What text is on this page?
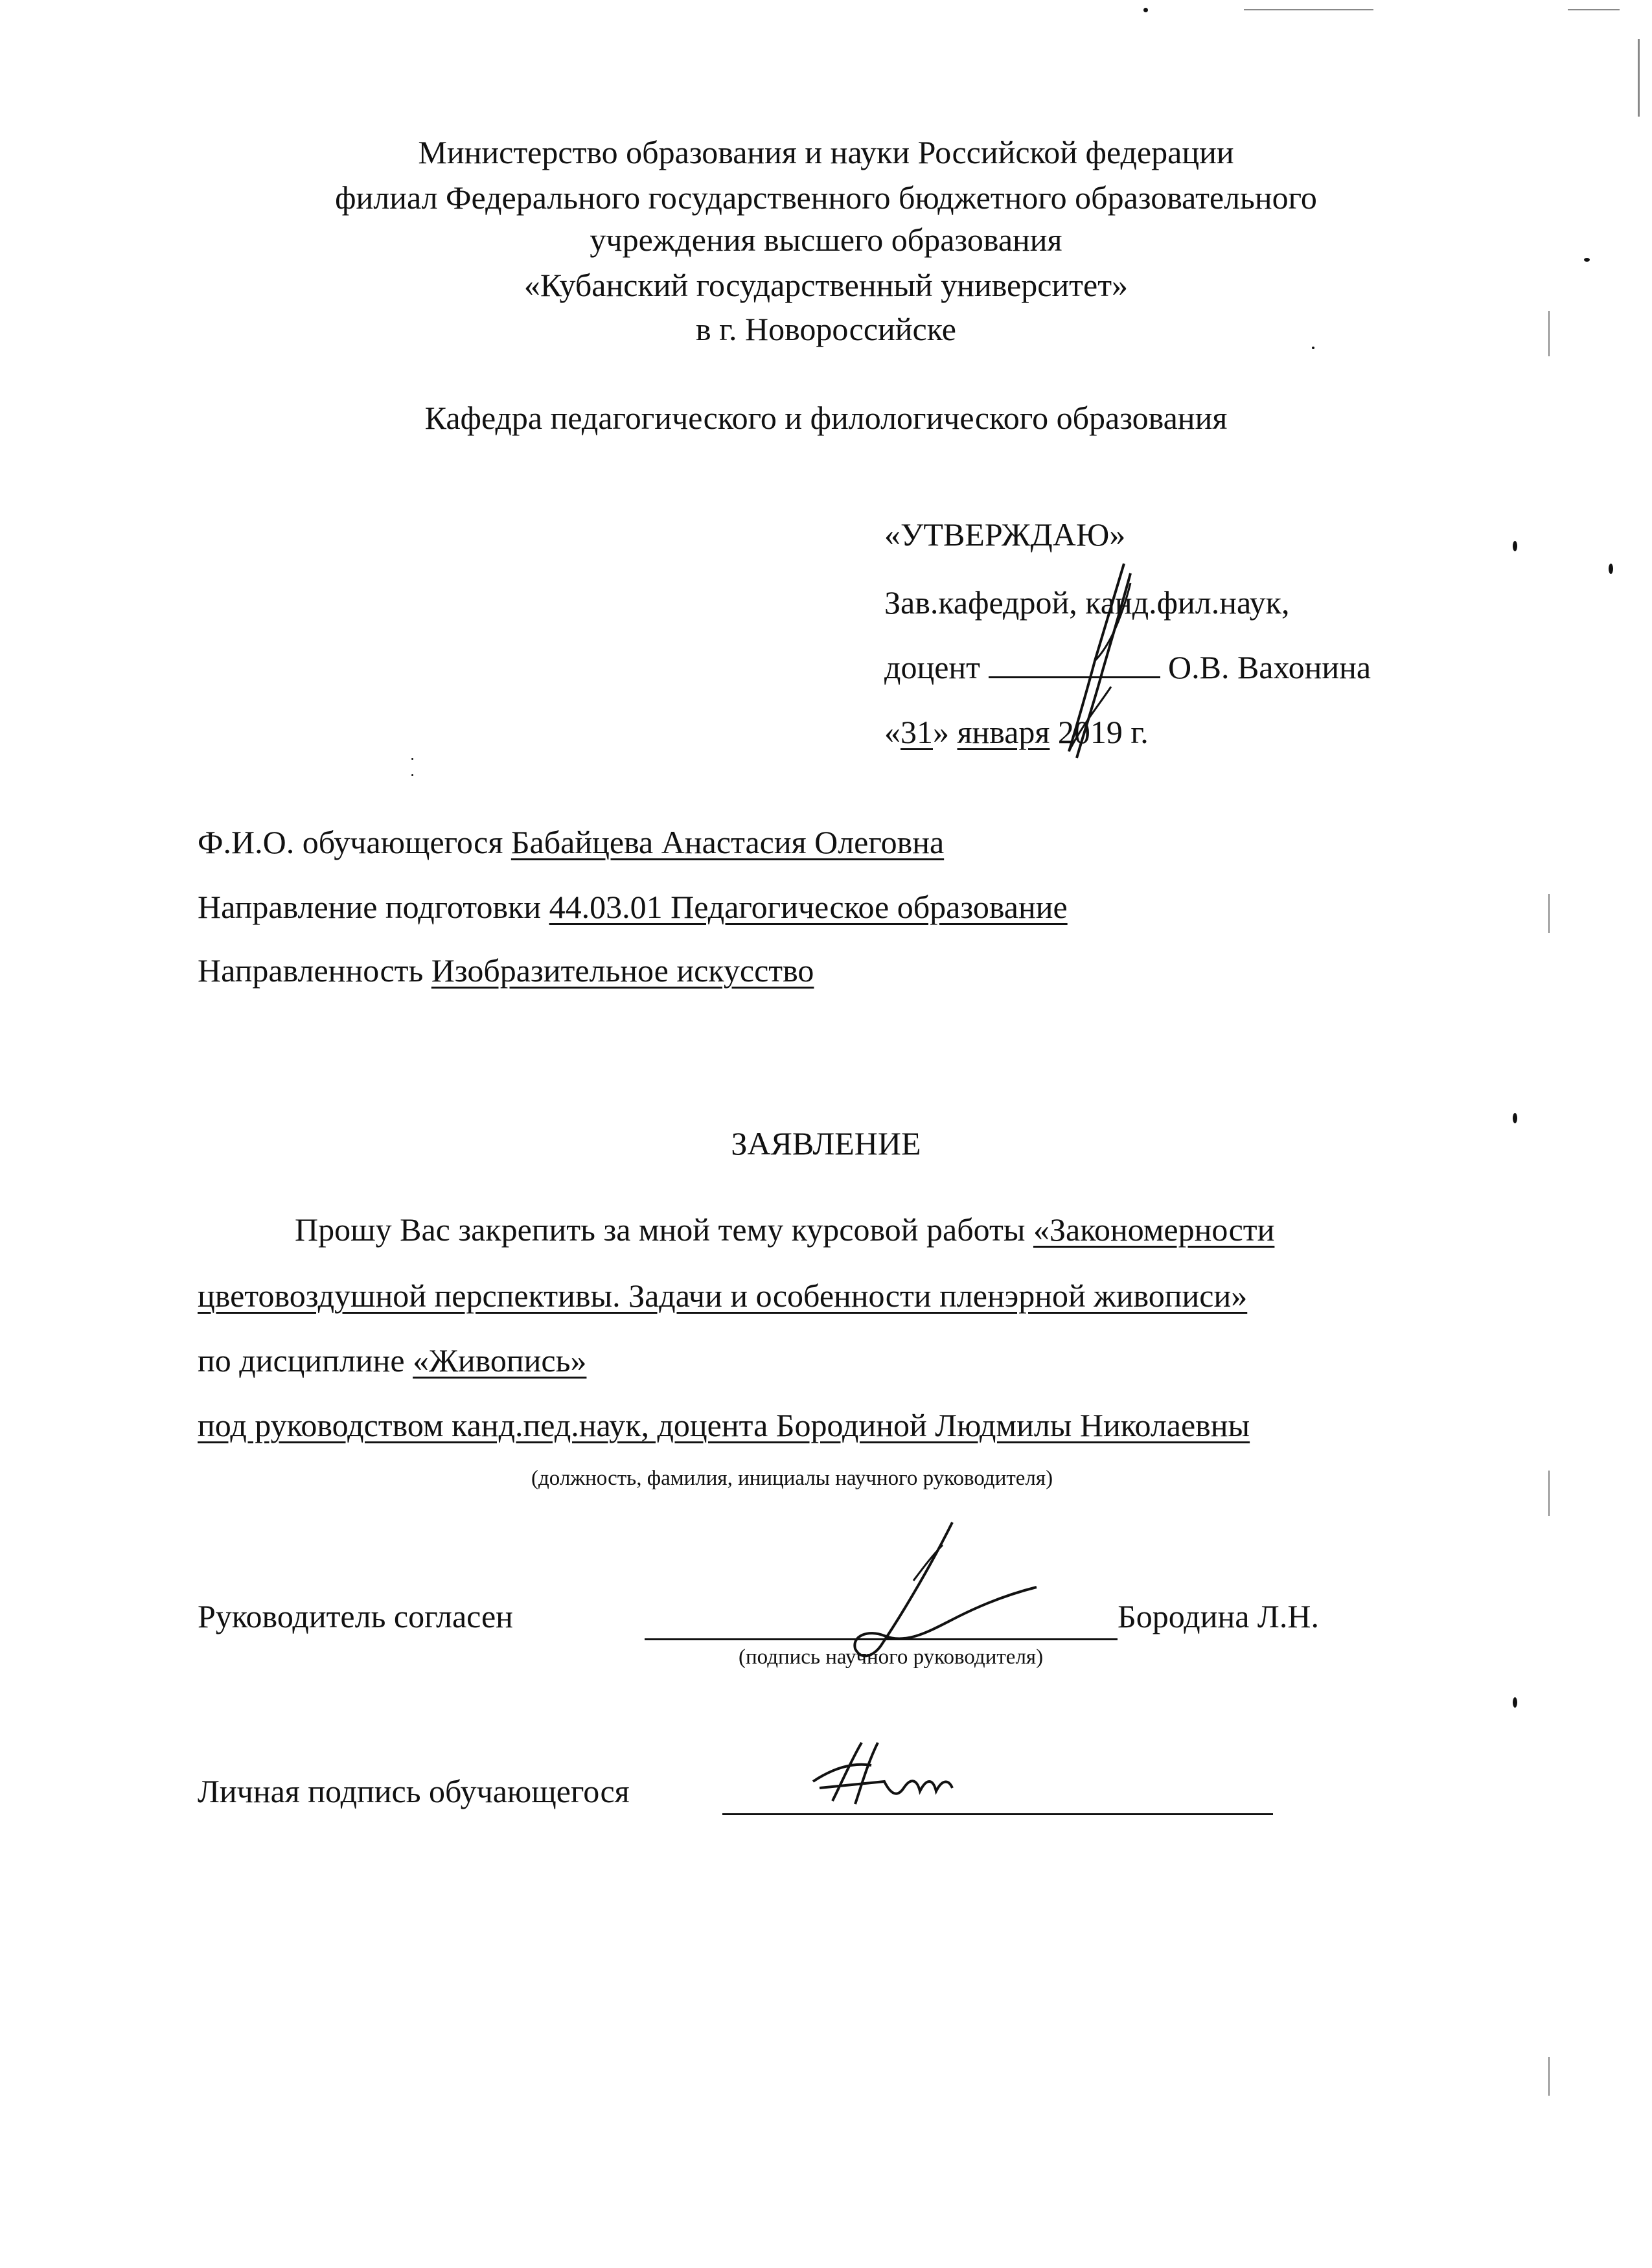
Министерство образования и науки Российской федерации
филиал Федерального государственного бюджетного образовательного
учреждения высшего образования
«Кубанский государственный университет»
в г. Новороссийске
Кафедра педагогического и филологического образования
«УТВЕРЖДАЮ»
Зав.кафедрой, канд.фил.наук,
доцент	О.В. Вахонина
«31» января 2019 г.
Ф.И.О. обучающегося Бабайцева Анастасия Олеговна
Направление подготовки 44.03.01 Педагогическое образование
Направленность Изобразительное искусство
ЗАЯВЛЕНИЕ
Прошу Вас закрепить за мной тему курсовой работы «Закономерности
цветовоздушной перспективы. Задачи и особенности пленэрной живописи»
по дисциплине «Живопись»
под руководством канд.пед.наук, доцента Бородиной Людмилы Николаевны
(должность, фамилия, инициалы научного руководителя)
Руководитель согласен	Бородина Л.Н.
(подпись научного руководителя)
Личная подпись обучающегося
